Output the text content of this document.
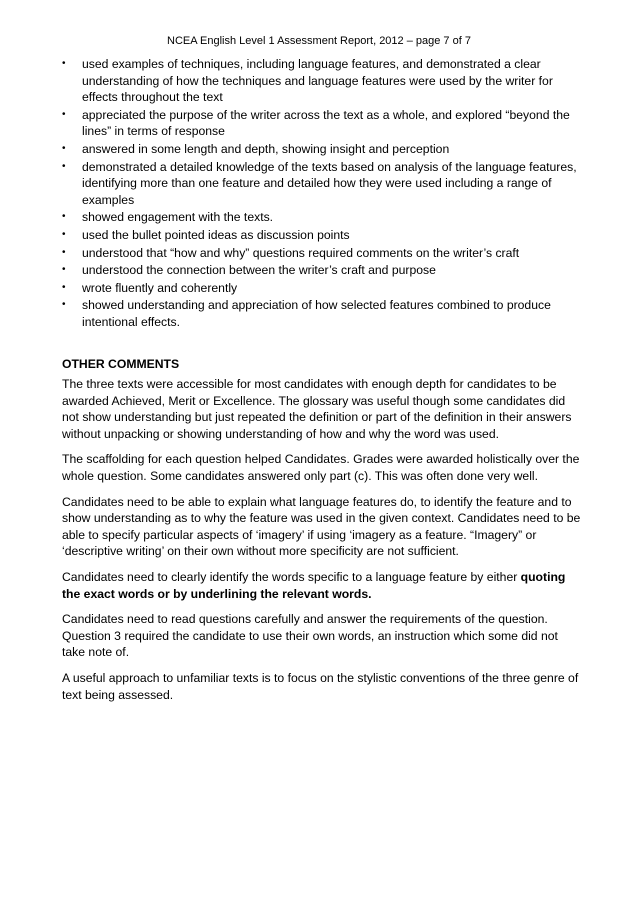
NCEA English Level 1 Assessment Report, 2012 – page 7 of 7
•	used examples of techniques, including language features, and demonstrated a clear understanding of how the techniques and language features were used by the writer for effects throughout the text
•	appreciated the purpose of the writer across the text as a whole, and explored “beyond the lines” in terms of response
•	answered in some length and depth, showing insight and perception
•	demonstrated a detailed knowledge of the texts based on analysis of the language features, identifying more than one feature and detailed how they were used including a range of examples
•	showed engagement with the texts.
•	used the bullet pointed ideas as discussion points
•	understood that “how and why” questions required comments on the writer’s craft
•	understood the connection between the writer’s craft and purpose
•	wrote fluently and coherently
•	showed understanding and appreciation of how selected features combined to produce intentional effects.
OTHER COMMENTS

The three texts were accessible for most candidates with enough depth for candidates to be awarded Achieved, Merit or Excellence. The glossary was useful though some candidates did not show understanding but just repeated the definition or part of the definition in their answers without unpacking or showing understanding of how and why the word was used.

The scaffolding for each question helped Candidates. Grades were awarded holistically over the whole question. Some candidates answered only part (c). This was often done very well.

Candidates need to be able to explain what language features do, to identify the feature and to show understanding as to why the feature was used in the given context. Candidates need to be able to specify particular aspects of ‘imagery’ if using ‘imagery as a feature. “Imagery” or ‘descriptive writing’ on their own without more specificity are not sufficient.

Candidates need to clearly identify the words specific to a language feature by either quoting the exact words or by underlining the relevant words.

Candidates need to read questions carefully and answer the requirements of the question. Question 3 required the candidate to use their own words, an instruction which some did not take note of.

A useful approach to unfamiliar texts is to focus on the stylistic conventions of the three genre of text being assessed.
